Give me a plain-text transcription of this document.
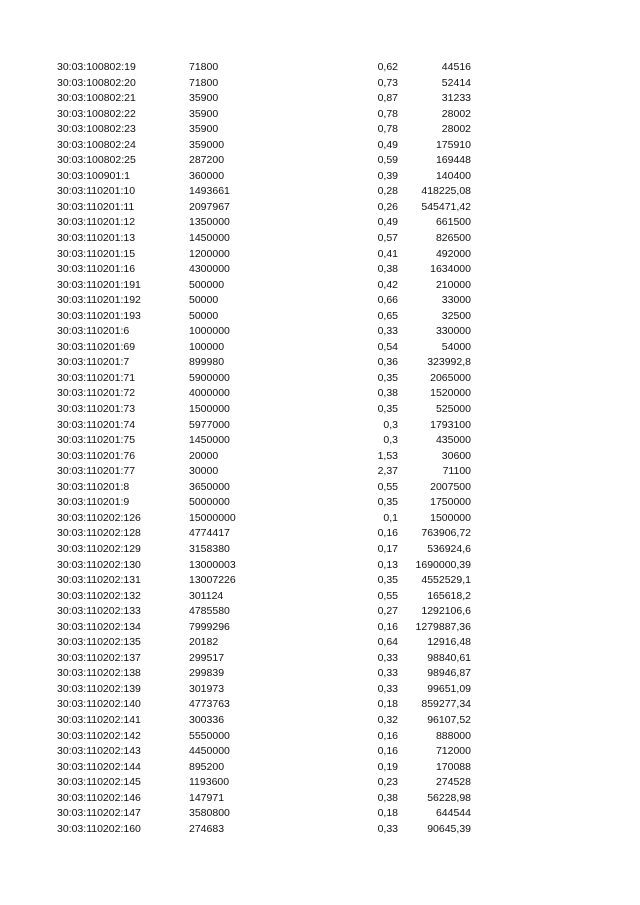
30:03:100802:19	71800	0,62	44516
30:03:100802:20	71800	0,73	52414
30:03:100802:21	35900	0,87	31233
30:03:100802:22	35900	0,78	28002
30:03:100802:23	35900	0,78	28002
30:03:100802:24	359000	0,49	175910
30:03:100802:25	287200	0,59	169448
30:03:100901:1	360000	0,39	140400
30:03:110201:10	1493661	0,28	418225,08
30:03:110201:11	2097967	0,26	545471,42
30:03:110201:12	1350000	0,49	661500
30:03:110201:13	1450000	0,57	826500
30:03:110201:15	1200000	0,41	492000
30:03:110201:16	4300000	0,38	1634000
30:03:110201:191	500000	0,42	210000
30:03:110201:192	50000	0,66	33000
30:03:110201:193	50000	0,65	32500
30:03:110201:6	1000000	0,33	330000
30:03:110201:69	100000	0,54	54000
30:03:110201:7	899980	0,36	323992,8
30:03:110201:71	5900000	0,35	2065000
30:03:110201:72	4000000	0,38	1520000
30:03:110201:73	1500000	0,35	525000
30:03:110201:74	5977000	0,3	1793100
30:03:110201:75	1450000	0,3	435000
30:03:110201:76	20000	1,53	30600
30:03:110201:77	30000	2,37	71100
30:03:110201:8	3650000	0,55	2007500
30:03:110201:9	5000000	0,35	1750000
30:03:110202:126	15000000	0,1	1500000
30:03:110202:128	4774417	0,16	763906,72
30:03:110202:129	3158380	0,17	536924,6
30:03:110202:130	13000003	0,13	1690000,39
30:03:110202:131	13007226	0,35	4552529,1
30:03:110202:132	301124	0,55	165618,2
30:03:110202:133	4785580	0,27	1292106,6
30:03:110202:134	7999296	0,16	1279887,36
30:03:110202:135	20182	0,64	12916,48
30:03:110202:137	299517	0,33	98840,61
30:03:110202:138	299839	0,33	98946,87
30:03:110202:139	301973	0,33	99651,09
30:03:110202:140	4773763	0,18	859277,34
30:03:110202:141	300336	0,32	96107,52
30:03:110202:142	5550000	0,16	888000
30:03:110202:143	4450000	0,16	712000
30:03:110202:144	895200	0,19	170088
30:03:110202:145	1193600	0,23	274528
30:03:110202:146	147971	0,38	56228,98
30:03:110202:147	3580800	0,18	644544
30:03:110202:160	274683	0,33	90645,39
